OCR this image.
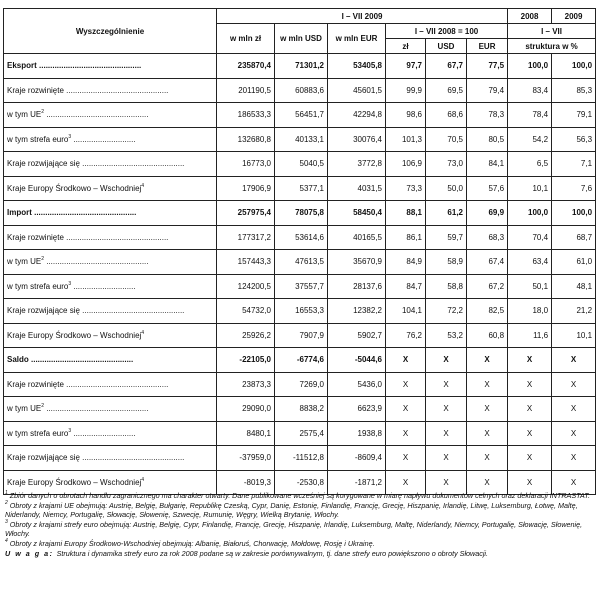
Wyszczególnienie	I – VII 2009						2008	2009
	w mln zł	w mln USD	w mln EUR	I – VII 2008 = 100			I – VII	
				zł	USD	EUR	struktura w %	
Eksport ..............................................	235870,4	71301,2	53405,8	97,7	67,7	77,5	100,0	100,0
Kraje rozwinięte ..............................................	201190,5	60883,6	45601,5	99,9	69,5	79,4	83,4	85,3
w tym $UE^2$ ..............................................	186533,3	56451,7	42294,8	98,6	68,6	78,3	78,4	79,1
w tym strefa euro$^3$ ............................	132680,8	40133,1	30076,4	101,3	70,5	80,5	54,2	56,3
Kraje rozwijające się ..............................................	16773,0	5040,5	3772,8	106,9	73,0	84,1	6,5	7,1
Kraje Europy Środkowo – Wschodniej$^4$	17906,9	5377,1	4031,5	73,3	50,0	57,6	10,1	7,6
Import ..............................................	257975,4	78075,8	58450,4	88,1	61,2	69,9	100,0	100,0
Kraje rozwinięte ..............................................	177317,2	53614,6	40165,5	86,1	59,7	68,3	70,4	68,7
w tym $UE^2$ ..............................................	157443,3	47613,5	35670,9	84,9	58,9	67,4	63,4	61,0
w tym strefa euro$^3$ ............................	124200,5	37557,7	28137,6	84,7	58,8	67,2	50,1	48,1
Kraje rozwijające się ..............................................	54732,0	16553,3	12382,2	104,1	72,2	82,5	18,0	21,2
Kraje Europy Środkowo – Wschodniej$^4$	25926,2	7907,9	5902,7	76,2	53,2	60,8	11,6	10,1
Saldo ..............................................	-22105,0	-6774,6	-5044,6	X	X	X	X	X
Kraje rozwinięte ..............................................	23873,3	7269,0	5436,0	X	X	X	X	X
w tym $UE^2$ ..............................................	29090,0	8838,2	6623,9	X	X	X	X	X
w tym strefa euro$^3$ ............................	8480,1	2575,4	1938,8	X	X	X	X	X
Kraje rozwijające się ..............................................	-37959,0	-11512,8	-8609,4	X	X	X	X	X
Kraje Europy Środkowo – Wschodniej$^4$	-8019,3	-2530,8	-1871,2	X	X	X	X	X

$^1$ Zbiór danych o obrotach handlu zagranicznego ma charakter otwarty. Dane publikowane wcześniej są korygowane w miarę napływu dokumentów celnych oraz deklaracji INTRASTAT.

$^2$ Obroty z krajami UE obejmują: Austrię, Belgię, Bułgarię, Republikę Czeską, Cypr, Danię, Estonię, Finlandię, Francję, Grecję, Hiszpanię, Irlandię, Litwę, Luksemburg, Łotwę, Maltę, Niderlandy, Niemcy, Portugalię, Słowację, Słowenię, Szwecję, Rumunię, Węgry, Wielką Brytanię, Włochy.

$^3$ Obroty z krajami strefy euro obejmują: Austrię, Belgię, Cypr, Finlandię, Francję, Grecję, Hiszpanię, Irlandię, Luksemburg, Maltę, Niderlandy, Niemcy, Portugalię, Słowację, Słowenię, Włochy.

$^4$ Obroty z krajami Europy Środkowo-Wschodniej obejmują: Albanię, Białoruś, Chorwację, Mołdowę, Rosję i Ukrainę.

U w a g a: Struktura i dynamika strefy euro za rok 2008 podane są w zakresie porównywalnym, tj. dane strefy euro powiększono o obroty Słowacji.
